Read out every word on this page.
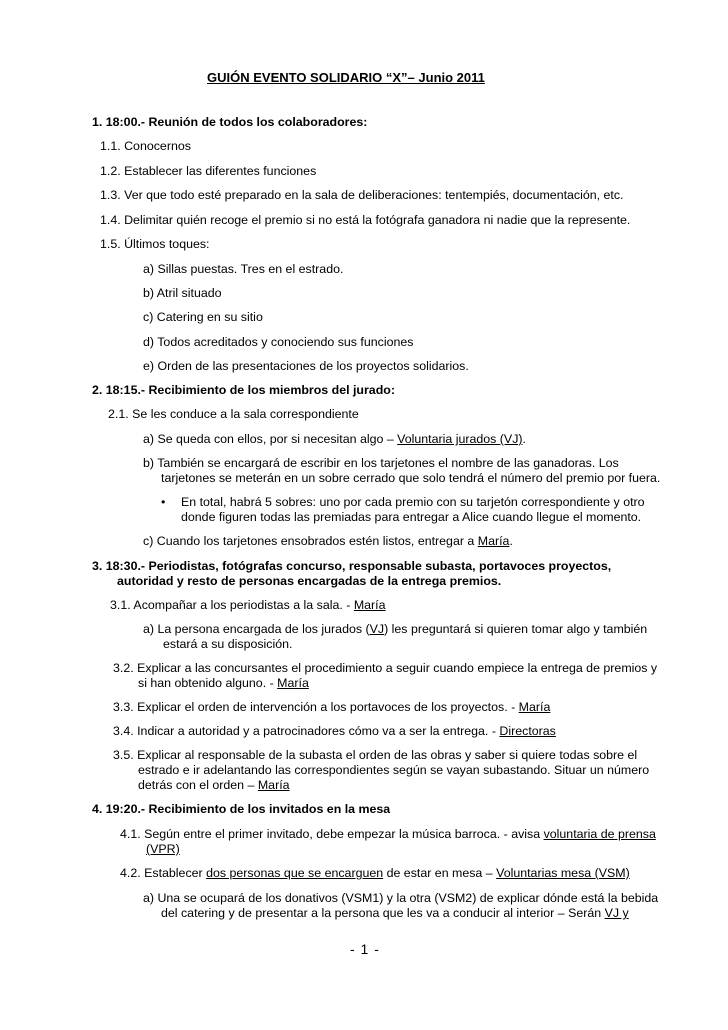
GUIÓN EVENTO SOLIDARIO “X”– Junio 2011
1. 18:00.- Reunión de todos los colaboradores:
1.1. Conocernos
1.2. Establecer las diferentes funciones
1.3. Ver que todo esté preparado en la sala de deliberaciones: tentempiés, documentación, etc.
1.4. Delimitar quién recoge el premio si no está la fotógrafa ganadora ni nadie que la represente.
1.5. Últimos toques:
a) Sillas puestas. Tres en el estrado.
b) Atril situado
c) Catering en su sitio
d) Todos acreditados y conociendo sus funciones
e) Orden de las presentaciones de los proyectos solidarios.
2. 18:15.- Recibimiento de los miembros del jurado:
2.1. Se les conduce a la sala correspondiente
a) Se queda con ellos, por si necesitan algo – Voluntaria jurados (VJ).
b) También se encargará de escribir en los tarjetones el nombre de las ganadoras. Los
tarjetones se meterán en un sobre cerrado que solo tendrá el número del premio por fuera.
• En total, habrá 5 sobres: uno por cada premio con su tarjetón correspondiente y otro
donde figuren todas las premiadas para entregar a Alice cuando llegue el momento.
c) Cuando los tarjetones ensobrados estén listos, entregar a María.
3. 18:30.- Periodistas, fotógrafas concurso, responsable subasta, portavoces proyectos,
autoridad y resto de personas encargadas de la entrega premios.
3.1. Acompañar a los periodistas a la sala. - María
a) La persona encargada de los jurados (VJ) les preguntará si quieren tomar algo y también
estará a su disposición.
3.2. Explicar a las concursantes el procedimiento a seguir cuando empiece la entrega de premios y
si han obtenido alguno. - María
3.3. Explicar el orden de intervención a los portavoces de los proyectos. - María
3.4. Indicar a autoridad y a patrocinadores cómo va a ser la entrega. - Directoras
3.5. Explicar al responsable de la subasta el orden de las obras y saber si quiere todas sobre el
estrado e ir adelantando las correspondientes según se vayan subastando. Situar un número
detrás con el orden – María
4. 19:20.- Recibimiento de los invitados en la mesa
4.1. Según entre el primer invitado, debe empezar la música barroca. - avisa voluntaria de prensa
(VPR)
4.2. Establecer dos personas que se encarguen de estar en mesa – Voluntarias mesa (VSM)
a) Una se ocupará de los donativos (VSM1) y la otra (VSM2) de explicar dónde está la bebida
del catering y de presentar a la persona que les va a conducir al interior – Serán VJ y
- 1 -
